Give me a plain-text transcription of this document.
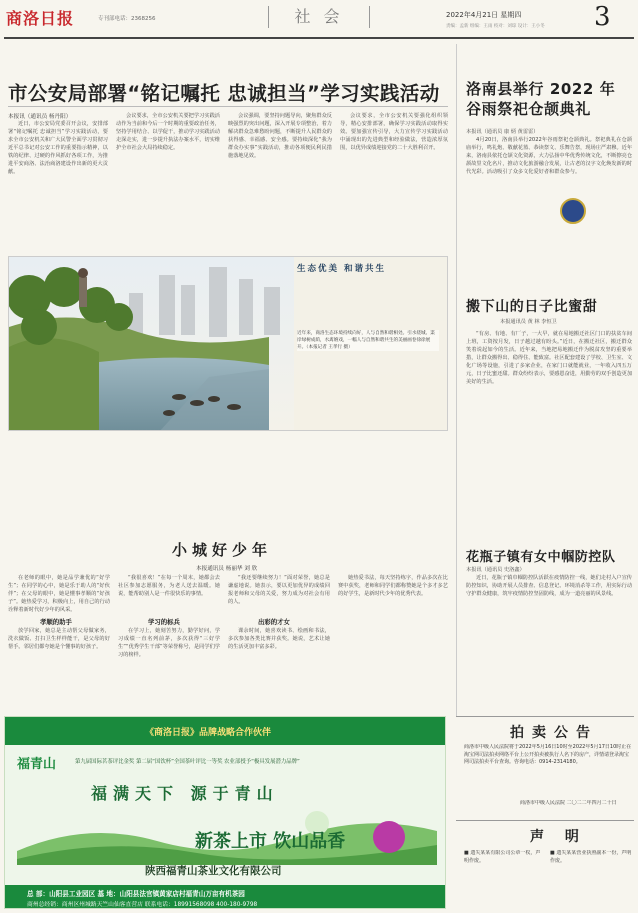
商洛日报	专刊部电话：2368256	社 会	2022年4月21日 星期四
责编：孟新 组编：王雨 校对：刘琼 设计：王小冬 3
市公安局部署“铭记嘱托 忠诚担当”学习实践活动
本报讯（通讯员 杨丹阳）

近日，市公安局党委召开会议，安排部署“铭记嘱托 忠诚担当”学习实践活动，要求全市公安机关和广大民警全面学习贯彻习近平总书记对公安工作的重要指示精神，以铁的纪律、过硬的作风抓好各项工作，为推进平安商洛、法治商洛建设作出新的更大贡献。

会议要求，全市公安机关要把学习实践活动作为当前和今后一个时期的重要政治任务，坚持学用结合、以学促干，推动学习实践活动走深走实，进一步提升执法办案水平，切实维护全市社会大局持续稳定。

会议强调，要坚持问题导向，聚焦群众反映强烈的突出问题，深入开展专项整治，着力解决群众急难愁盼问题，不断提升人民群众的获得感、幸福感、安全感。要持续深化“我为群众办实事”实践活动，推动各项便民利民措施落地见效。

会议要求，全市公安机关要强化组织领导，精心安排部署，确保学习实践活动取得实效。要加强宣传引导，大力宣传学习实践活动中涌现出的先进典型和经验做法，营造浓厚氛围，以优异成绩迎接党的二十大胜利召开。

生态优美 和谐共生
近年来，商洛生态环境持续向好，人与自然和谐相处。引水绕城、渠岸绿树成荫，水禽嬉戏，一幅人与自然和谐共生的美丽画卷徐徐展开。（本报记者 王孝行 摄）
洛南县举行 2022 年
谷雨祭祀仓颉典礼
本报讯（通讯员 康 炳 黄雷雷）

4月20日，洛南县举行2022年谷雨祭祀仓颉典礼。祭祀典礼在仓颉庙举行，鸣礼炮、敬献花篮、恭读祭文、乐舞告祭，现场庄严肃穆。近年来，洛南县依托仓颉文化资源，大力弘扬中华优秀传统文化，不断擦亮仓颉故里文化名片，推动文化旅游融合发展，让古老的汉字文化焕发新的时代光彩。活动吸引了众多文化爱好者和群众参与。

搬下山的日子比蜜甜
本报通讯员 黄 林 李恒卫

“有房、有地、有厂子，一大早，就在易地搬迁社区门口的扶贫车间上班，工资按月发，日子越过越有盼头。”近日，在搬迁社区，搬迁群众笑着说起如今的生活。近年来，当地把易地搬迁作为脱贫攻坚的重要举措，让群众搬得出、稳得住、能致富。社区配套建设了学校、卫生室、文化广场等设施，引进了多家企业，在家门口就能就业，一年收入四五万元，日子比蜜还甜。群众纷纷表示，要感恩奋进，用勤劳的双手创造更加美好的生活。

花瓶子镇有女中帼防控队
本报讯（通讯员 史洛鑫）

近日，花瓶子镇巾帼防控队活跃在疫情防控一线，她们走村入户宣传防控知识，协助开展人员排查、信息登记、环境消杀等工作，用实际行动守护群众健康，筑牢疫情防控坚固防线，成为一道亮丽的风景线。

小城好少年
本报通讯员 杨丽华 刘 欣

在老师的眼中，她是品学兼优的“好学生”；在同学的心中，她是乐于助人的“好伙伴”；在父母的眼中，她是懂事孝顺的“好孩子”。她热爱学习，积极向上，用自己的行动诠释着新时代好少年的风采。

孝顺的助手

放学回家，她总是主动帮父母做家务，洗衣做饭、打扫卫生样样能干，是父母的好帮手。邻居们都夸她是个懂事的好孩子。

“我很喜欢！”在每一个周末，她都会去社区参加志愿服务，为老人送去温暖。她说，能帮助别人是一件很快乐的事情。

学习的标兵

在学习上，她刻苦努力，勤学好问，学习成绩一直名列前茅，多次获得“三好学生”“优秀学生干部”等荣誉称号，是同学们学习的榜样。

“我还要继续努力！”面对荣誉，她总是谦虚地说。她表示，要以更加优异的成绩回报老师和父母的关爱，努力成为对社会有用的人。

出彩的才女

课余时间，她喜欢读书、绘画和书法，多次参加各类比赛并获奖。她说，艺术让她的生活更加丰富多彩。

她热爱书法，每天坚持练字，作品多次在比赛中获奖，老师和同学们都称赞她是个多才多艺的好学生，是新时代少年的优秀代表。

《商洛日报》品牌战略合作伙伴
福青山	第九届国际茗茶评比金奖 第二届“国饮杯”全国茶叶评比一等奖 农业部授予“极具发展潜力品牌”
福满天下 源于青山
新茶上市 饮山品香
陕西福青山茶业文化有限公司
总 部：山阳县工业园区 基 地：山阳县法官镇黄家店村福青山万亩有机茶园
商州总经销：商州区州城路天竺山仙客直营店 联系电话：18991568098 400-180-9798
拍卖公告
商洛市中级人民法院将于2022年5月16日10时至2022年5月17日10时止在淘宝网司法拍卖网络平台上公开拍卖被执行人名下的房产，详情请登录淘宝网司法拍卖平台查询。咨询电话：0914-2314180。
商洛市中级人民法院 二〇二二年四月二十日
声 明
■ 遗失某某有限公司公章一枚，声明作废。
■ 遗失某某营业执照副本一份，声明作废。
